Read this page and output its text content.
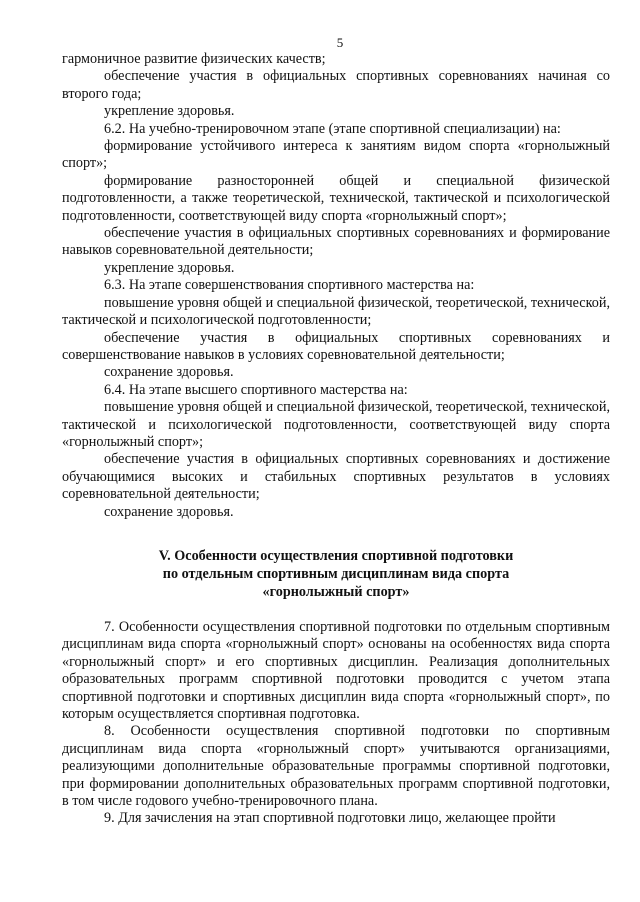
5

гармоничное развитие физических качеств;

обеспечение участия в официальных спортивных соревнованиях начиная со второго года;

укрепление здоровья.

6.2. На учебно-тренировочном этапе (этапе спортивной специализации) на:

формирование устойчивого интереса к занятиям видом спорта «горнолыжный спорт»;

формирование разносторонней общей и специальной физической подготовленности, а также теоретической, технической, тактической и психологической подготовленности, соответствующей виду спорта «горнолыжный спорт»;

обеспечение участия в официальных спортивных соревнованиях и формирование навыков соревновательной деятельности;

укрепление здоровья.

6.3. На этапе совершенствования спортивного мастерства на:

повышение уровня общей и специальной физической, теоретической, технической, тактической и психологической подготовленности;

обеспечение участия в официальных спортивных соревнованиях и совершенствование навыков в условиях соревновательной деятельности;

сохранение здоровья.

6.4. На этапе высшего спортивного мастерства на:

повышение уровня общей и специальной физической, теоретической, технической, тактической и психологической подготовленности, соответствующей виду спорта «горнолыжный спорт»;

обеспечение участия в официальных спортивных соревнованиях и достижение обучающимися высоких и стабильных спортивных результатов в условиях соревновательной деятельности;

сохранение здоровья.

V. Особенности осуществления спортивной подготовки
по отдельным спортивным дисциплинам вида спорта
«горнолыжный спорт»

7. Особенности осуществления спортивной подготовки по отдельным спортивным дисциплинам вида спорта «горнолыжный спорт» основаны на особенностях вида спорта «горнолыжный спорт» и его спортивных дисциплин. Реализация дополнительных образовательных программ спортивной подготовки проводится с учетом этапа спортивной подготовки и спортивных дисциплин вида спорта «горнолыжный спорт», по которым осуществляется спортивная подготовка.

8. Особенности осуществления спортивной подготовки по спортивным дисциплинам вида спорта «горнолыжный спорт» учитываются организациями, реализующими дополнительные образовательные программы спортивной подготовки, при формировании дополнительных образовательных программ спортивной подготовки, в том числе годового учебно-тренировочного плана.

9. Для зачисления на этап спортивной подготовки лицо, желающее пройти
